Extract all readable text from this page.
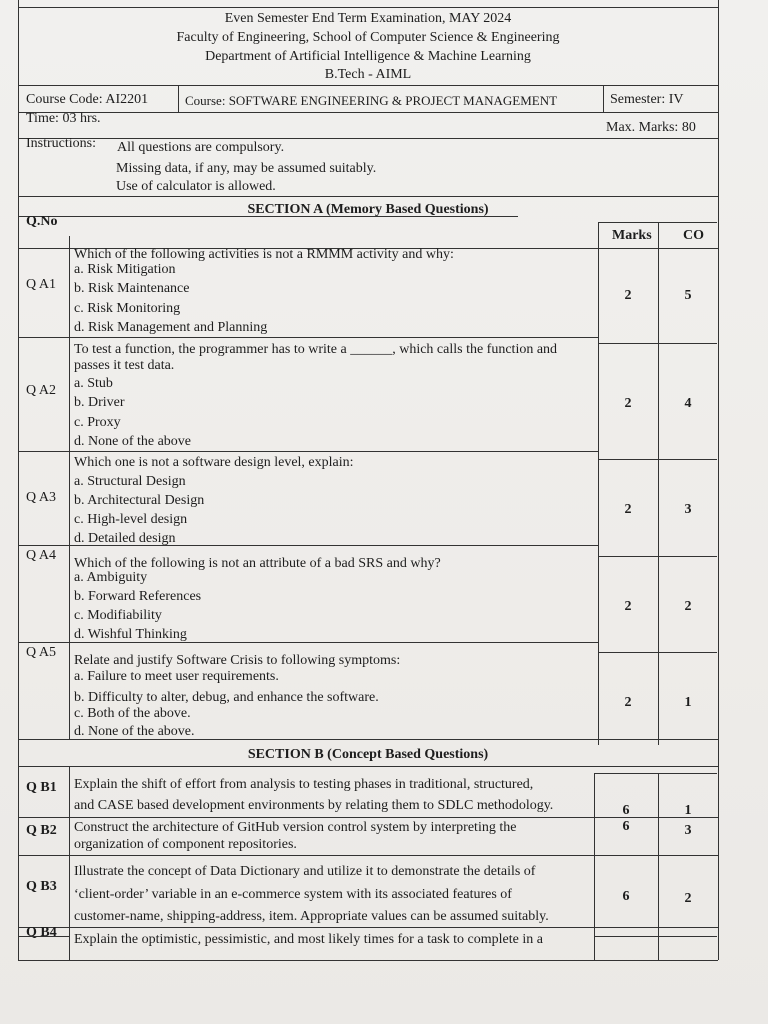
Even Semester End Term Examination, MAY 2024
Faculty of Engineering, School of Computer Science & Engineering
Department of Artificial Intelligence & Machine Learning
B.Tech - AIML
Course Code: AI2201	Course: SOFTWARE ENGINEERING & PROJECT MANAGEMENT	Semester: IV
Time: 03 hrs.
Max. Marks: 80
Instructions: All questions are compulsory.
Missing data, if any, may be assumed suitably.
Use of calculator is allowed.
SECTION A (Memory Based Questions)
Q.No
Marks CO
Q A1
Which of the following activities is not a RMMM activity and why:
a. Risk Mitigation
b. Risk Maintenance
c. Risk Monitoring
d. Risk Management and Planning
2	5
Q A2
To test a function, the programmer has to write a ______, which calls the function and
passes it test data.
a. Stub
b. Driver
c. Proxy
d. None of the above
2	4
Q A3
Which one is not a software design level, explain:
a. Structural Design
b. Architectural Design
c. High-level design
d. Detailed design
2	3
Q A4
Which of the following is not an attribute of a bad SRS and why?
a. Ambiguity
b. Forward References
c. Modifiability
d. Wishful Thinking
2	2
Q A5
Relate and justify Software Crisis to following symptoms:
a. Failure to meet user requirements.
b. Difficulty to alter, debug, and enhance the software.
c. Both of the above.
d. None of the above.
2	1
SECTION B (Concept Based Questions)
Q B1 Explain the shift of effort from analysis to testing phases in traditional, structured,
and CASE based development environments by relating them to SDLC methodology.	6	1
Q B2 Construct the architecture of GitHub version control system by interpreting the
organization of component repositories.
6	3
Q B3
Illustrate the concept of Data Dictionary and utilize it to demonstrate the details of
‘client-order’ variable in an e-commerce system with its associated features of
customer-name, shipping-address, item. Appropriate values can be assumed suitably.
6	2
Q B4 Explain the optimistic, pessimistic, and most likely times for a task to complete in a
